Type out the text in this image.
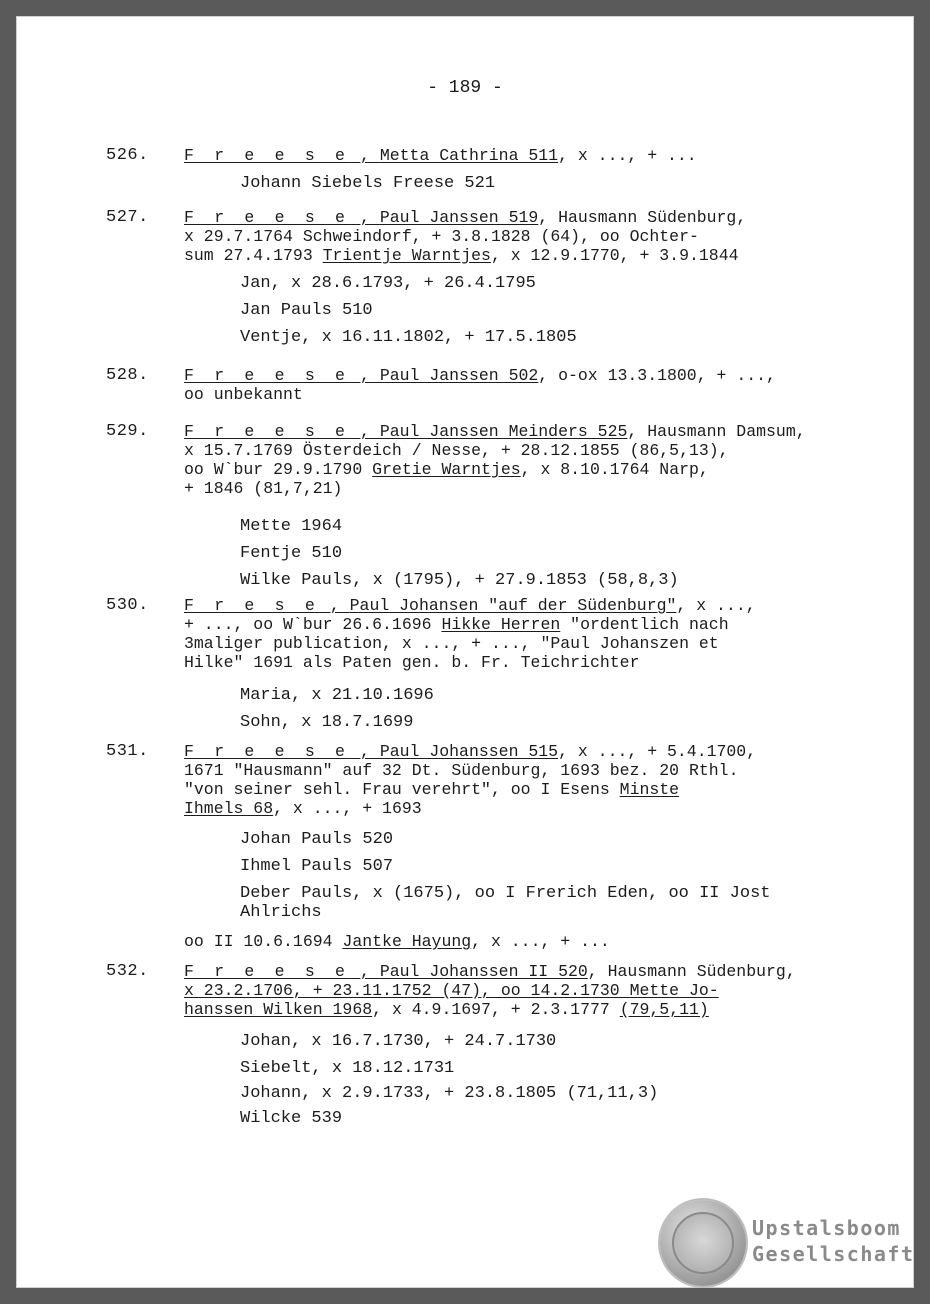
- 189 -
526. F r e e s e , Metta Cathrina 511, x ..., + ...
Johann Siebels Freese 521
527. F r e e s e , Paul Janssen 519, Hausmann Südenburg,
x 29.7.1764 Schweindorf, + 3.8.1828 (64), oo Ochter-
sum 27.4.1793 Trientje Warntjes, x 12.9.1770, + 3.9.1844
Jan, x 28.6.1793, + 26.4.1795
Jan Pauls 510
Ventje, x 16.11.1802, + 17.5.1805
528. F r e e s e , Paul Janssen 502, o-ox 13.3.1800, + ...,
oo unbekannt
529. F r e e s e , Paul Janssen Meinders 525, Hausmann Damsum,
x 15.7.1769 Österdeich / Nesse, + 28.12.1855 (86,5,13),
oo W`bur 29.9.1790 Gretie Warntjes, x 8.10.1764 Narp,
+ 1846 (81,7,21)
Mette 1964
Fentje 510
Wilke Pauls, x (1795), + 27.9.1853 (58,8,3)
530. F r e s e , Paul Johansen "auf der Südenburg", x ...,
+ ..., oo W`bur 26.6.1696 Hikke Herren "ordentlich nach
3maliger publication, x ..., + ..., "Paul Johanszen et
Hilke" 1691 als Paten gen. b. Fr. Teichrichter
Maria, x 21.10.1696
Sohn, x 18.7.1699
531. F r e e s e , Paul Johanssen 515, x ..., + 5.4.1700,
1671 "Hausmann" auf 32 Dt. Südenburg, 1693 bez. 20 Rthl.
"von seiner sehl. Frau verehrt", oo I Esens Minste
Ihmels 68, x ..., + 1693
Johan Pauls 520
Ihmel Pauls 507
Deber Pauls, x (1675), oo I Frerich Eden, oo II Jost
Ahlrichs
oo II 10.6.1694 Jantke Hayung, x ..., + ...
532. F r e e s e , Paul Johanssen II 520, Hausmann Südenburg,
x 23.2.1706, + 23.11.1752 (47), oo 14.2.1730 Mette Jo-
hanssen Wilken 1968, x 4.9.1697, + 2.3.1777 (79,5,11)
Johan, x 16.7.1730, + 24.7.1730
Siebelt, x 18.12.1731
Johann, x 2.9.1733, + 23.8.1805 (71,11,3)
Wilcke 539
Upstalsboom
Gesellschaft
